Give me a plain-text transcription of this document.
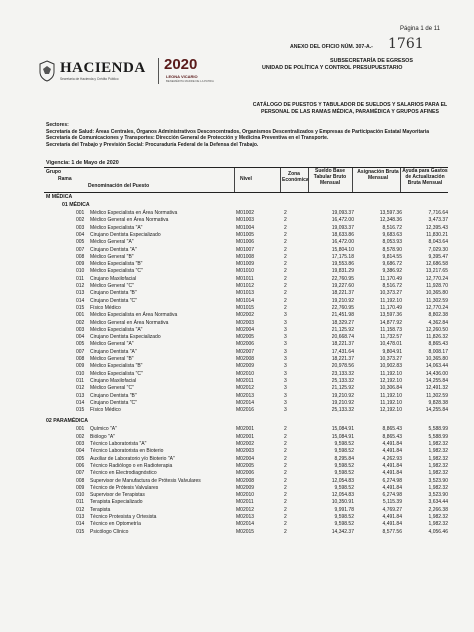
Página 1 de 11
ANEXO DEL OFICIO NÚM. 307-A.- 1761
HACIENDA
Secretaría de Hacienda y Crédito Público
2020
LEONA VICARIO
BENEMÉRITA MADRE DE LA PATRIA
SUBSECRETARÍA DE EGRESOS
UNIDAD DE POLÍTICA Y CONTROL PRESUPUESTARIO
CATÁLOGO DE PUESTOS Y TABULADOR DE SUELDOS Y SALARIOS PARA EL PERSONAL DE LAS RAMAS MÉDICA, PARAMÉDICA Y GRUPOS AFINES

Sectores:

Secretaría de Salud: Áreas Centrales, Órganos Administrativos Desconcentrados, Organismos Descentralizados y Empresas de Participación Estatal Mayoritaria

Secretaría de Comunicaciones y Transportes: Dirección General de Protección y Medicina Preventiva en el Transporte.

Secretaría del Trabajo y Previsión Social: Procuraduría Federal de la Defensa del Trabajo.

Vigencia: 1 de Mayo de 2020
Grupo
Rama
Denominación del Puesto
Nivel
Zona Económica
Sueldo Base Tabular Bruto Mensual
Asignación Bruta Mensual
Ayuda para Gastos de Actualización Bruta Mensual
M MÉDICA
01 MÉDICA
001 Médico Especialista en Área Normativa	M01002	2	19,093.37	13,597.36	7,716.64
002 Médico General en Área Normativa	M01003	2	16,472.00	12,348.36	3,473.37
003 Médico Especialista "A"	M01004	2	19,093.37	8,516.72	12,395.43
004 Cirujano Dentista Especializado	M01005	2	18,633.86	9,683.63	11,830.21
005 Médico General "A"	M01006	2	16,472.00	8,053.93	8,043.64
007 Cirujano Dentista "A"	M01007	2	15,804.10	8,578.90	7,029.30
008 Médico General "B"	M01008	2	17,175.18	9,814.55	9,395.47
009 Médico Especialista "B"	M01009	2	19,553.86	9,686.72	12,686.58
010 Médico Especialista "C"	M01010	2	19,831.29	9,386.92	13,217.65
011 Cirujano Maxilofacial	M01011	2	22,760.95	11,170.49	12,770.24
012 Médico General "C"	M01012	2	19,227.60	8,516.72	11,928.70
013 Cirujano Dentista "B"	M01013	2	18,221.37	10,373.27	10,365.80
014 Cirujano Dentista "C"	M01014	2	19,210.92	11,192.10	11,302.59
015 Físico Médico	M01015	2	22,760.95	11,170.49	12,770.24
001 Médico Especialista en Área Normativa	M02002	3	21,451.98	13,597.36	8,802.38
002 Médico General en Área Normativa	M02003	3	18,329.27	14,877.92	4,362.84
003 Médico Especialista "A"	M02004	3	21,125.92	11,158.73	12,260.50
004 Cirujano Dentista Especializado	M02005	3	20,668.74	11,732.57	11,826.32
005 Médico General "A"	M02006	3	18,221.37	10,478.01	8,865.43
007 Cirujano Dentista "A"	M02007	3	17,431.64	9,804.91	8,008.17
008 Médico General "B"	M02008	3	18,221.37	10,373.27	10,365.80
009 Médico Especialista "B"	M02009	3	20,978.56	10,902.83	14,063.44
010 Médico Especialista "C"	M02010	3	23,133.32	11,192.10	14,436.00
011 Cirujano Maxilofacial	M02011	3	25,133.32	12,192.10	14,255.84
012 Médico General "C"	M02012	3	21,125.92	10,306.84	12,491.32
013 Cirujano Dentista "B"	M02013	3	19,210.92	11,192.10	11,302.59
014 Cirujano Dentista "C"	M02014	3	19,210.92	11,192.10	9,828.38
015 Físico Médico	M02016	3	25,133.32	12,192.10	14,255.84
02 PARAMÉDICA
001 Químico "A"	M02001	2	15,084.91	8,865.43	5,588.99
002 Biólogo "A"	M02001	2	15,084.91	8,865.43	5,588.99
003 Técnico Laboratorista "A"	M02002	2	9,598.52	4,491.84	1,982.32
004 Técnico Laboratorista en Bioterio	M02003	2	9,598.52	4,491.84	1,982.32
005 Auxiliar de Laboratorio y/o Bioterio "A"	M02004	2	8,295.84	4,262.93	1,982.32
006 Técnico Radiólogo o en Radioterapia	M02005	2	9,598.52	4,491.84	1,982.32
007 Técnico en Electrodiagnóstico	M02006	2	9,598.52	4,491.84	1,982.32
008 Supervisor de Manufactura de Prótesis Valvulares	M02008	2	12,054.83	6,274.98	3,523.90
009 Técnico de Prótesis Valvulares	M02009	2	9,598.52	4,491.84	1,982.32
010 Supervisor de Terapistas	M02010	2	12,054.83	6,274.98	3,523.90
011 Terapista Especializado	M02011	2	10,350.91	5,115.39	3,634.44
012 Terapista	M02012	2	9,991.78	4,769.27	2,266.38
013 Técnico Protesista y Ortesista	M02013	2	9,598.52	4,491.84	1,982.32
014 Técnico en Optometría	M02014	2	9,598.52	4,491.84	1,982.32
015 Psicólogo Clínico	M02015	2	14,342.37	8,577.56	4,056.46
